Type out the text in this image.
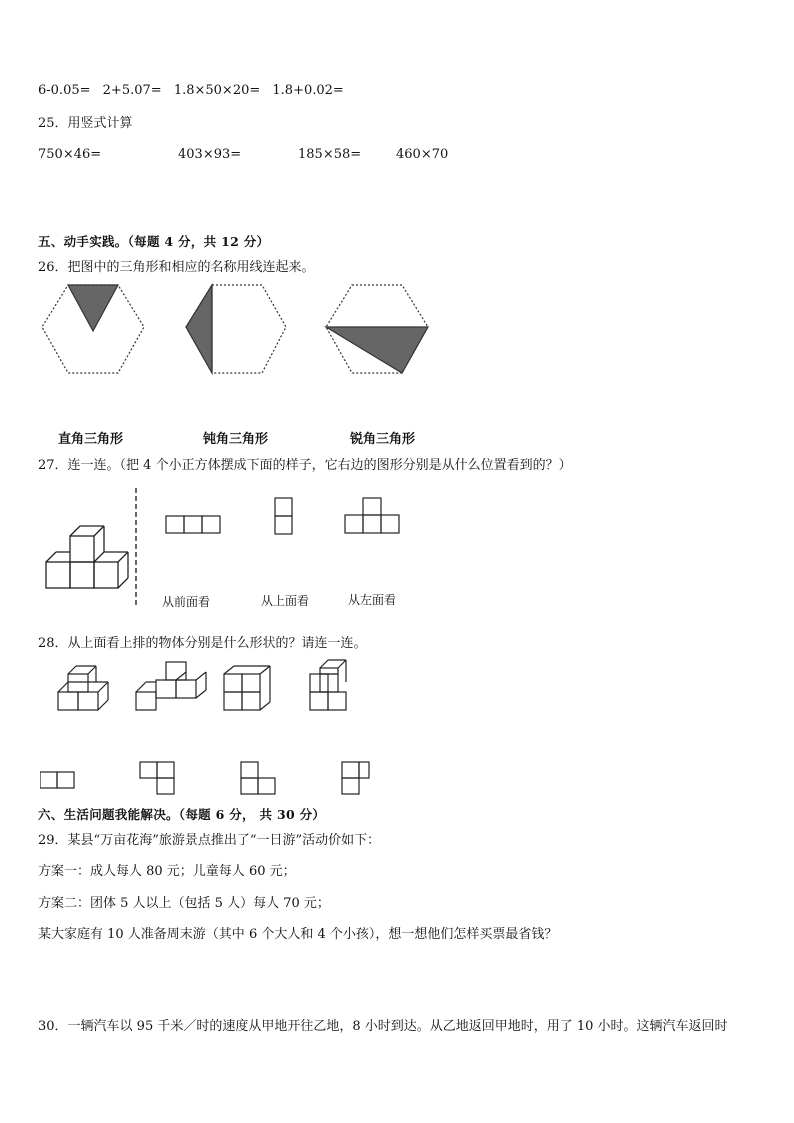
6-0.05= 2+5.07= 1.8×50×20= 1.8+0.02=
25．用竖式计算
750×46=	403×93=	185×58=	460×70
五、动手实践。（每题 4 分，共 12 分）
26．把图中的三角形和相应的名称用线连起来。
直角三角形	钝角三角形	锐角三角形
27．连一连。（把 4 个小正方体摆成下面的样子，它右边的图形分别是从什么位置看到的？）
从前面看	从上面看	从左面看
28．从上面看上排的物体分别是什么形状的？请连一连。
六、生活问题我能解决。（每题 6 分， 共 30 分）
29．某县“万亩花海”旅游景点推出了“一日游”活动价如下：
方案一：成人每人 80 元；儿童每人 60 元；
方案二：团体 5 人以上（包括 5 人）每人 70 元；
某大家庭有 10 人准备周末游（其中 6 个大人和 4 个小孩），想一想他们怎样买票最省钱？
30．一辆汽车以 95 千米／时的速度从甲地开往乙地，8 小时到达。从乙地返回甲地时，用了 10 小时。这辆汽车返回时
